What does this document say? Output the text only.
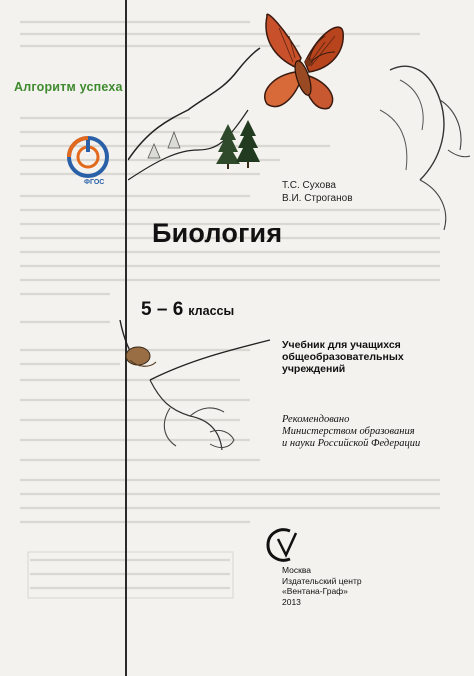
Алгоритм успеха
ФГОС	Т.С. Сухова
В.И. Строганов
Биология
5 – 6 классы
Учебник для учащихся
общеобразовательных
учреждений
Рекомендовано
Министерством образования
и науки Российской Федерации
Москва
Издательский центр
«Вентана-Граф»
2013
